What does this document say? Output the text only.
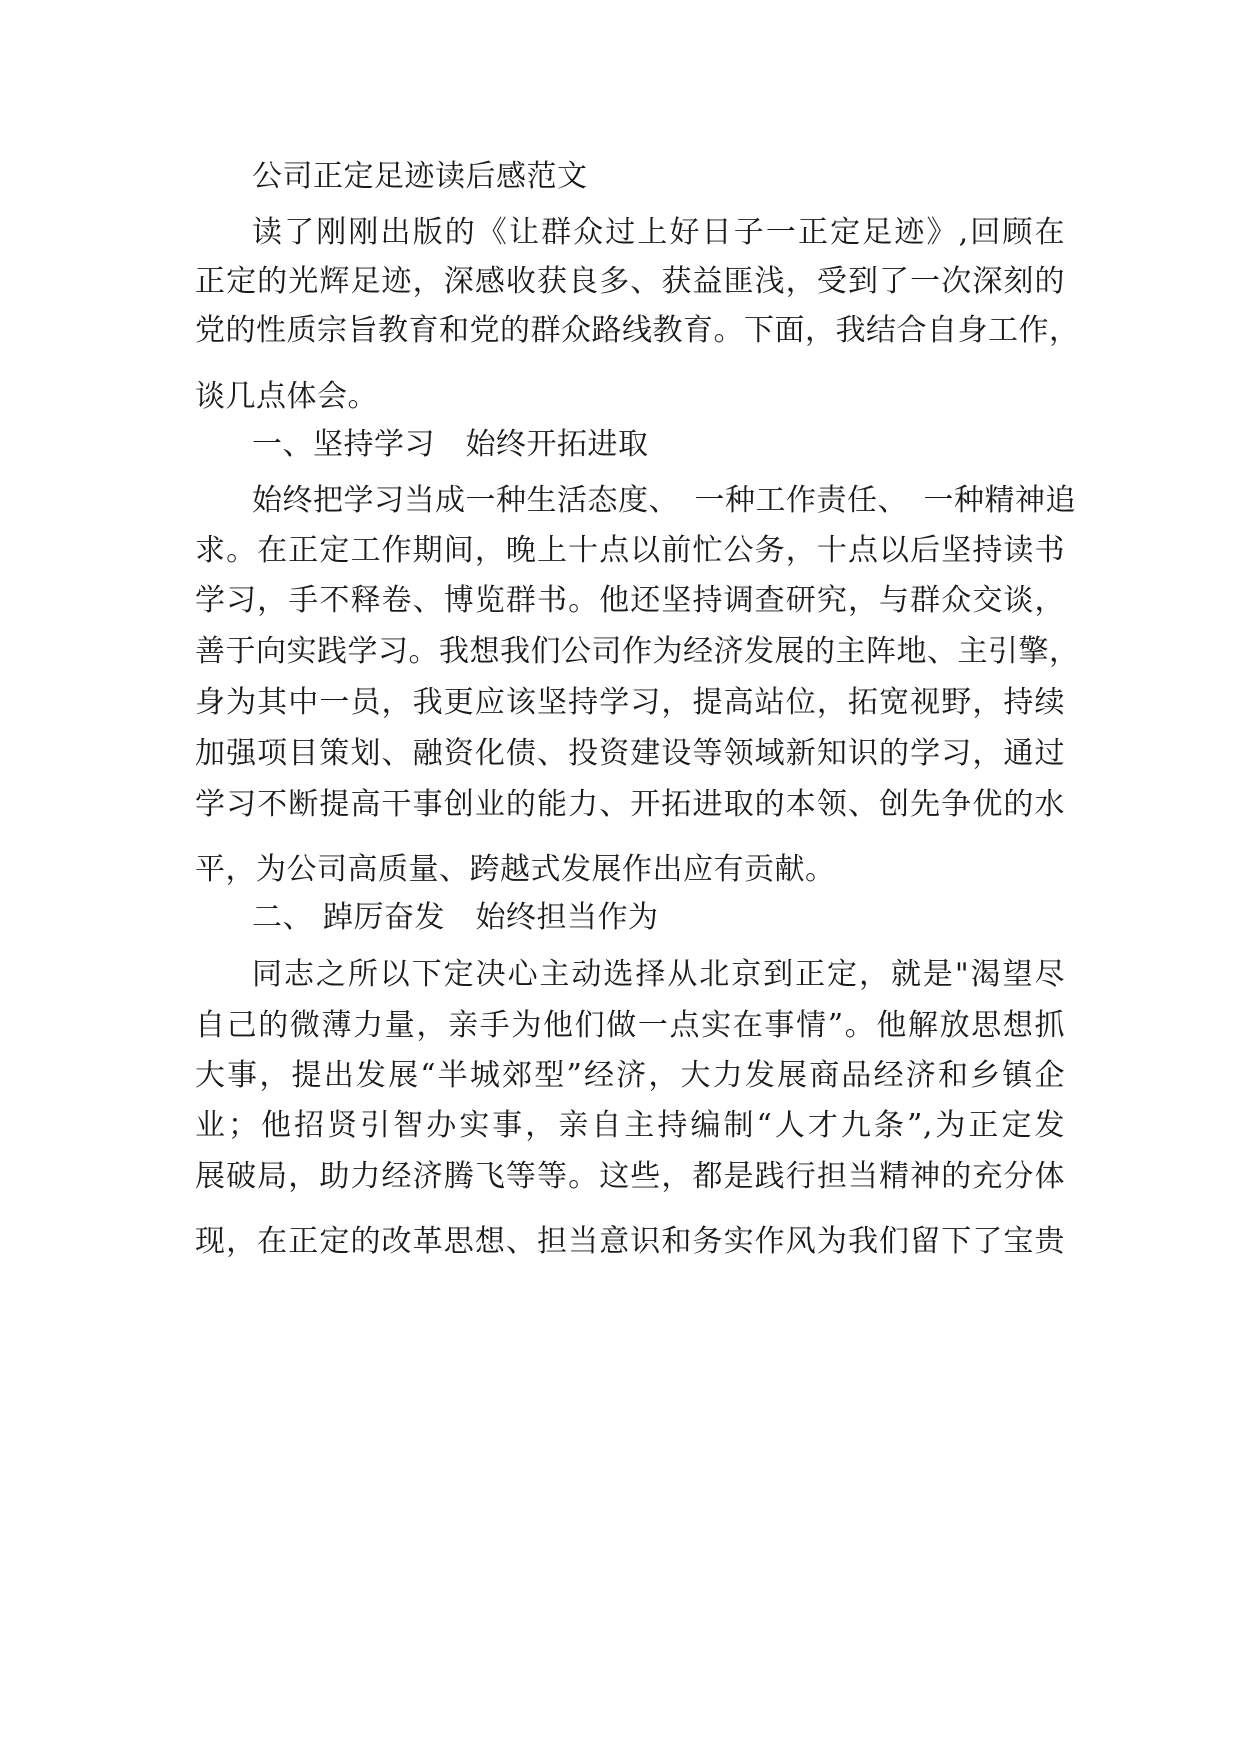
公司正定足迹读后感范文
读了刚刚出版的《让群众过上好日子一正定足迹》,回顾在
正定的光辉足迹，深感收获良多、获益匪浅，受到了一次深刻的
党的性质宗旨教育和党的群众路线教育。下面，我结合自身工作，
谈几点体会。
一、坚持学习　始终开拓进取
始终把学习当成一种生活态度、　一种工作责任、　一种精神追
求。在正定工作期间，晚上十点以前忙公务，十点以后坚持读书
学习，手不释卷、博览群书。他还坚持调查研究，与群众交谈，
善于向实践学习。我想我们公司作为经济发展的主阵地、主引擎，
身为其中一员，我更应该坚持学习，提高站位，拓宽视野，持续
加强项目策划、融资化债、投资建设等领域新知识的学习，通过
学习不断提高干事创业的能力、开拓进取的本领、创先争优的水
平，为公司高质量、跨越式发展作出应有贡献。
二、 踔厉奋发　始终担当作为
同志之所以下定决心主动选择从北京到正定，就是"渴望尽
自己的微薄力量，亲手为他们做一点实在事情”。他解放思想抓
大事，提出发展“半城郊型”经济，大力发展商品经济和乡镇企
业；他招贤引智办实事，亲自主持编制“人才九条”,为正定发
展破局，助力经济腾飞等等。这些，都是践行担当精神的充分体
现，在正定的改革思想、担当意识和务实作风为我们留下了宝贵
